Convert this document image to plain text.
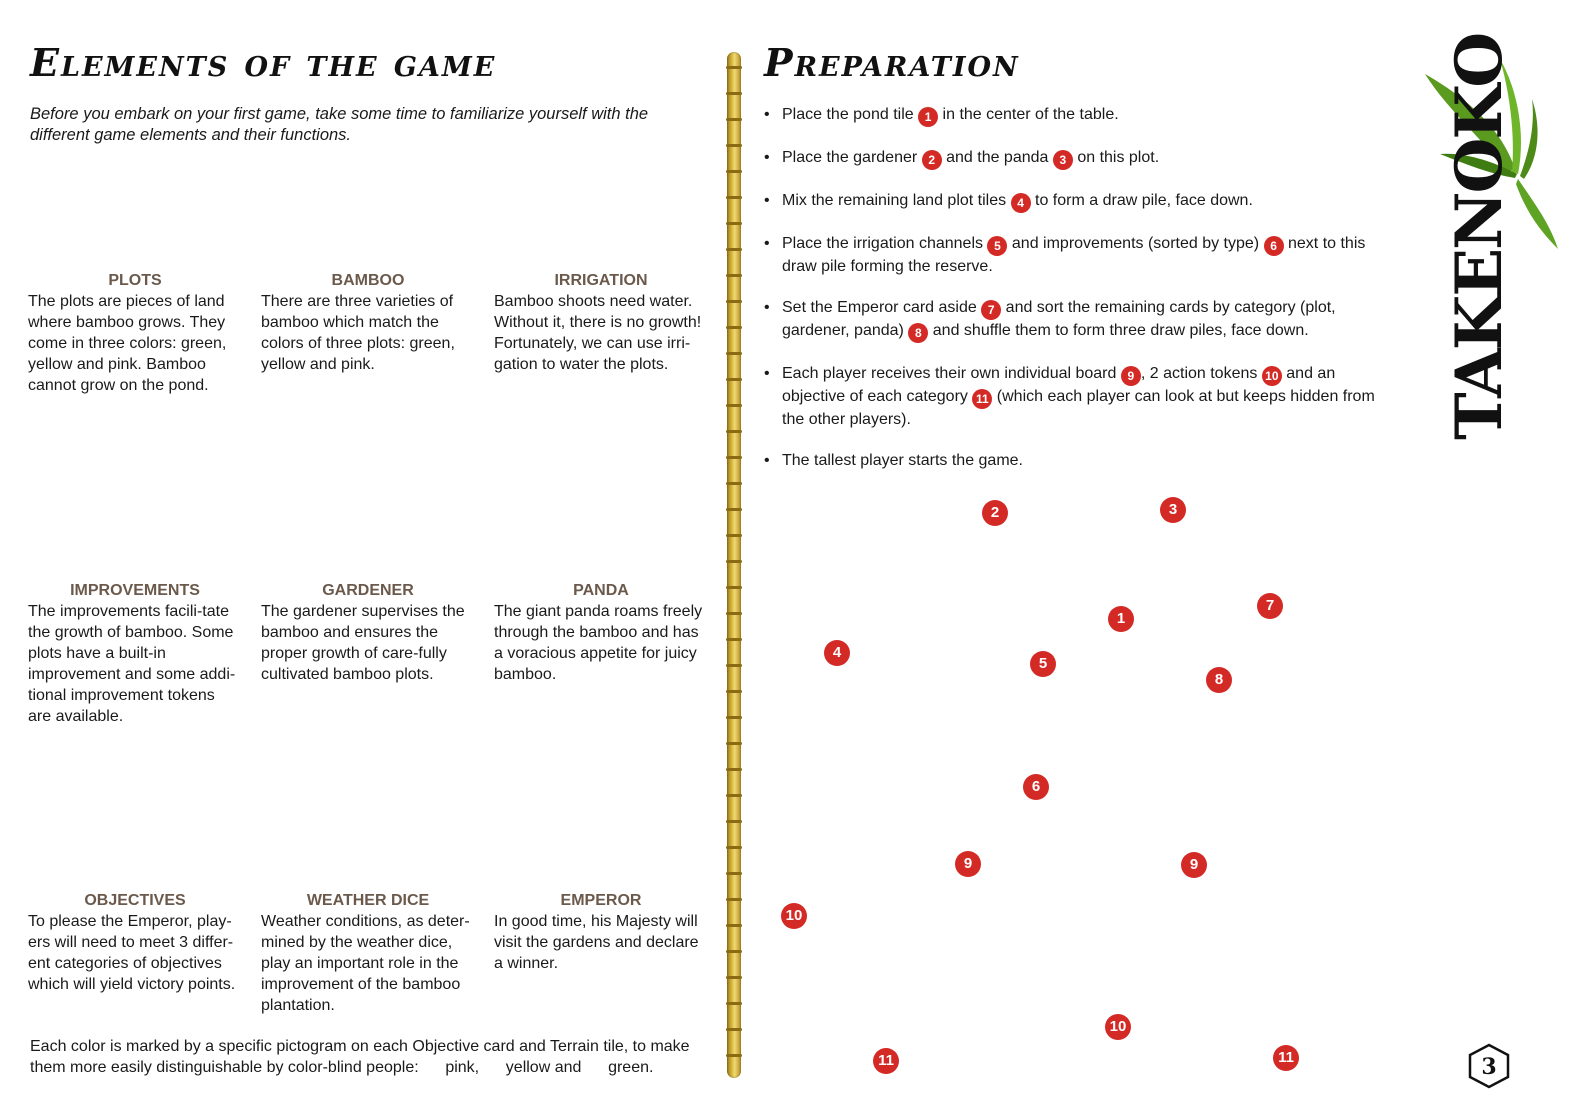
Elements of the game
Before you embark on your first game, take some time to familiarize yourself with the different game elements and their functions.
PLOTS
The plots are pieces of land where bamboo grows. They come in three colors: green, yellow and pink. Bamboo cannot grow on the pond.
BAMBOO
There are three varieties of bamboo which match the colors of three plots: green, yellow and pink.
IRRIGATION
Bamboo shoots need water. Without it, there is no growth! Fortunately, we can use irri-gation to water the plots.
IMPROVEMENTS
The improvements facili-tate the growth of bamboo. Some plots have a built-in improvement and some addi-tional improvement tokens are available.
GARDENER
The gardener supervises the bamboo and ensures the proper growth of care-fully cultivated bamboo plots.
PANDA
The giant panda roams freely through the bamboo and has a voracious appetite for juicy bamboo.
OBJECTIVES
To please the Emperor, play-ers will need to meet 3 differ-ent categories of objectives which will yield victory points.
WEATHER DICE
Weather conditions, as deter-mined by the weather dice, play an important role in the improvement of the bamboo plantation.
EMPEROR
In good time, his Majesty will visit the gardens and declare a winner.
Each color is marked by a specific pictogram on each Objective card and Terrain tile, to make them more easily distinguishable by color-blind people:      pink,      yellow and      green.
Preparation
• Place the pond tile 1 in the center of the table.
• Place the gardener 2 and the panda 3 on this plot.
• Mix the remaining land plot tiles 4 to form a draw pile, face down.
• Place the irrigation channels 5 and improvements (sorted by type) 6 next to this draw pile forming the reserve.
• Set the Emperor card aside 7 and sort the remaining cards by category (plot, gardener, panda) 8 and shuffle them to form three draw piles, face down.
• Each player receives their own individual board 9 , 2 action tokens 10 and an objective of each category 11 (which each player can look at but keeps hidden from the other players).
• The tallest player starts the game.
2	3
1
7
4
5
8
6
9	9
10
10
11	11
TAKENOKO
3
